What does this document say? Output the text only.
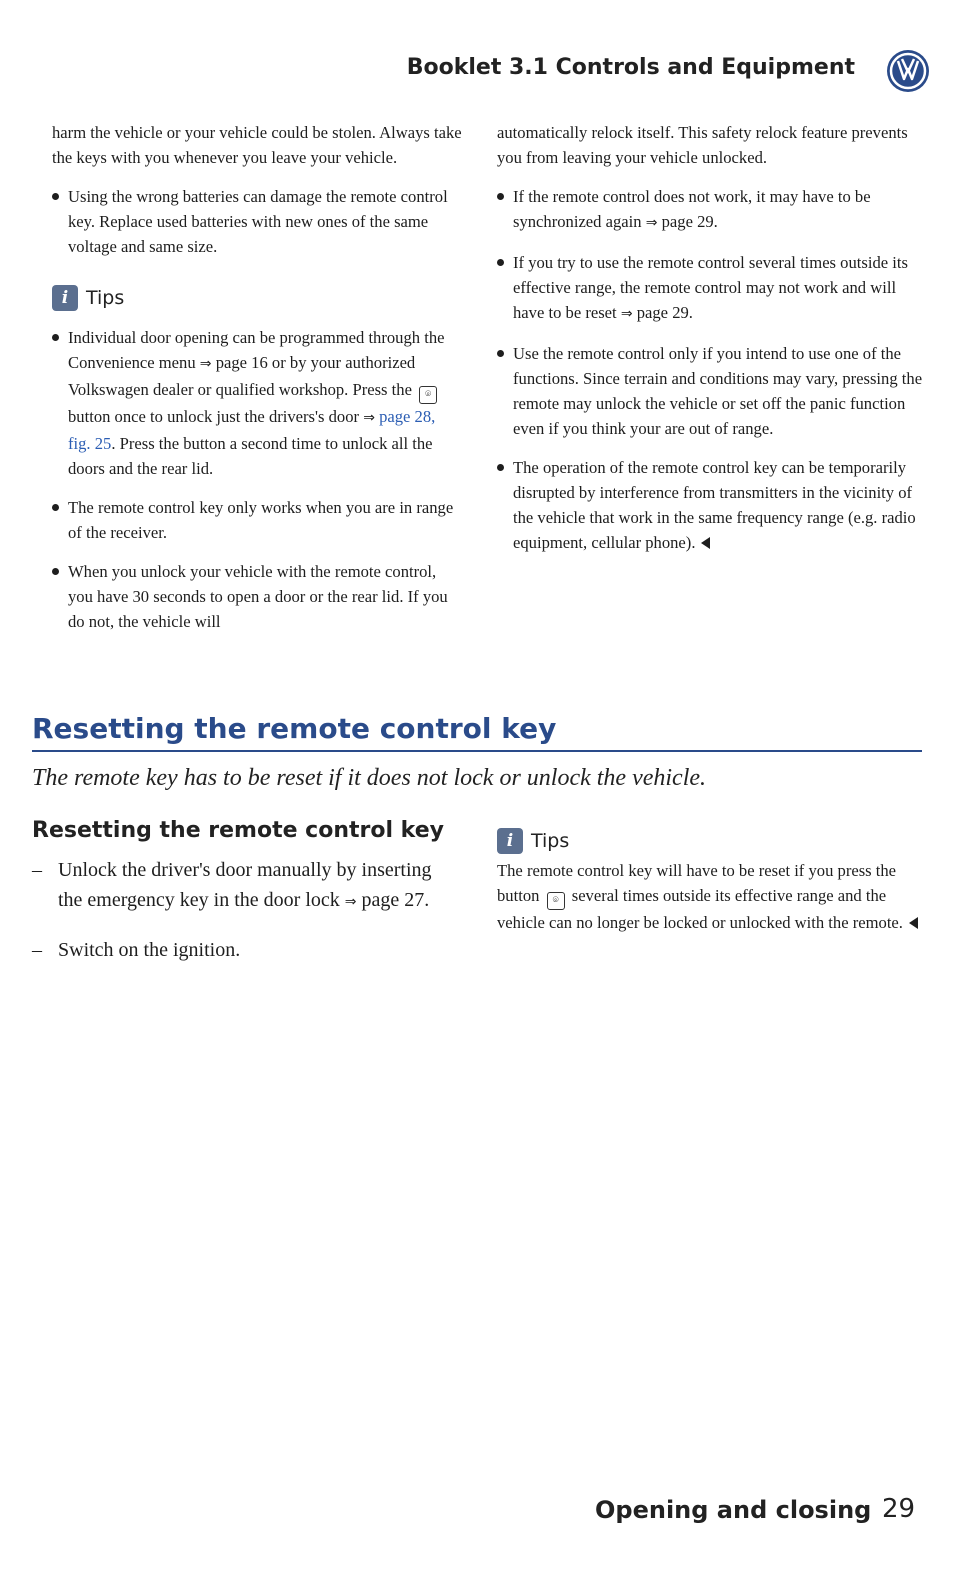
Booklet 3.1 Controls and Equipment

harm the vehicle or your vehicle could be stolen. Always take the keys with you whenever you leave your vehicle.

Using the wrong batteries can damage the remote control key. Replace used batteries with new ones of the same voltage and same size.

i Tips

Individual door opening can be programmed through the Convenience menu ⇒ page 16 or by your authorized Volkswagen dealer or qualified workshop. Press the ⌾ button once to unlock just the drivers's door ⇒ page 28, fig. 25. Press the button a second time to unlock all the doors and the rear lid.

The remote control key only works when you are in range of the receiver.

When you unlock your vehicle with the remote control, you have 30 seconds to open a door or the rear lid. If you do not, the vehicle will

automatically relock itself. This safety relock feature prevents you from leaving your vehicle unlocked.

If the remote control does not work, it may have to be synchronized again ⇒ page 29.

If you try to use the remote control several times outside its effective range, the remote control may not work and will have to be reset ⇒ page 29.

Use the remote control only if you intend to use one of the functions. Since terrain and conditions may vary, pressing the remote may unlock the vehicle or set off the panic function even if you think your are out of range.

The operation of the remote control key can be temporarily disrupted by interference from transmitters in the vicinity of the vehicle that work in the same frequency range (e.g. radio equipment, cellular phone).

Resetting the remote control key
The remote key has to be reset if it does not lock or unlock the vehicle.
Resetting the remote control key

– Unlock the driver's door manually by inserting the emergency key in the door lock ⇒ page 27.

– Switch on the ignition.

i Tips

The remote control key will have to be reset if you press the button ⌾ several times outside its effective range and the vehicle can no longer be locked or unlocked with the remote.

Opening and closing 29
